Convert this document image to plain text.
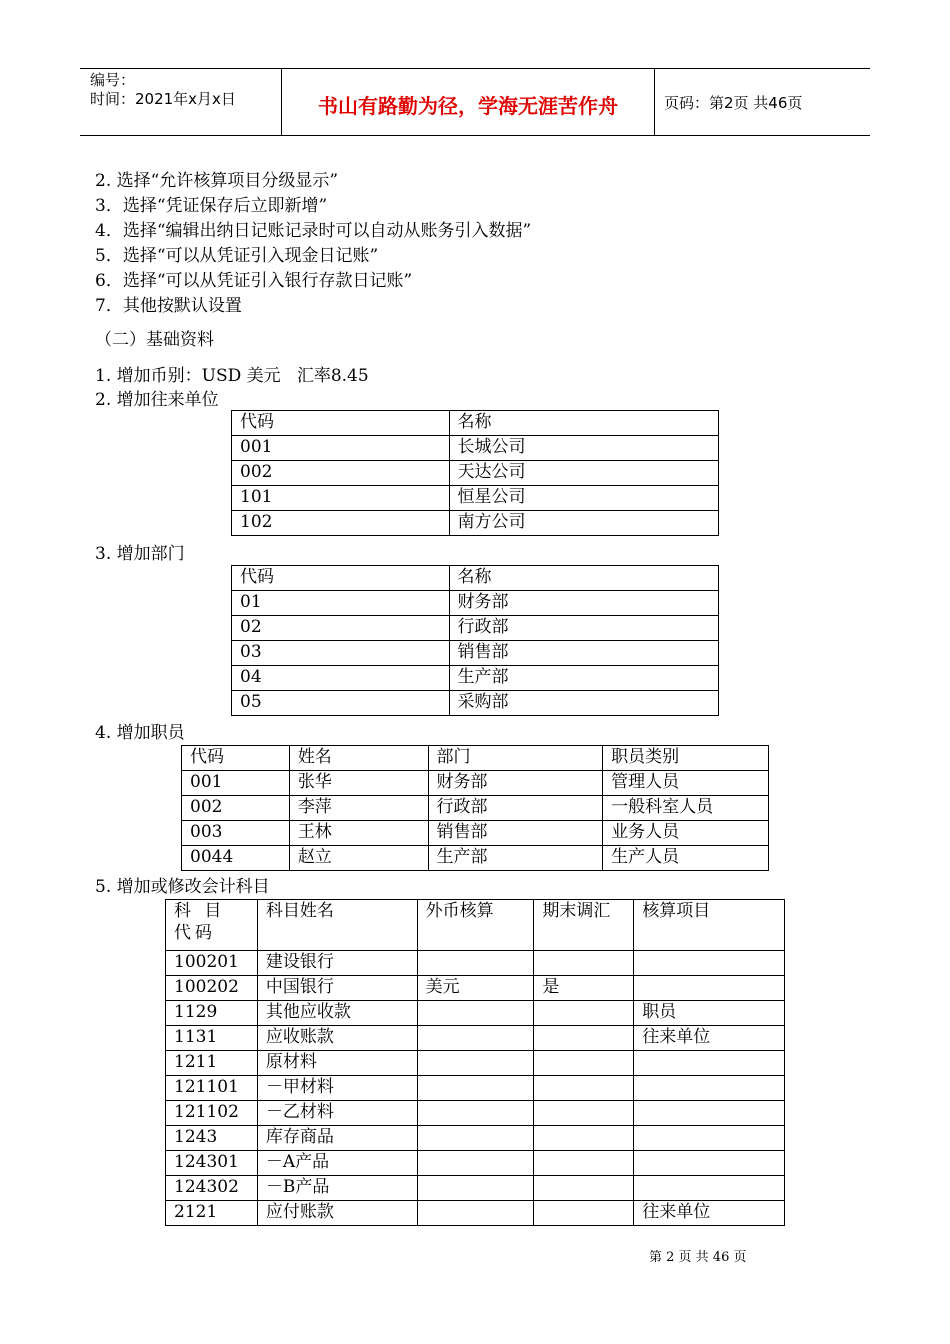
编号：
时间：2021年x月x日	书山有路勤为径，学海无涯苦作舟	页码：第2页 共46页
2. 选择“允许核算项目分级显示”
3．选择“凭证保存后立即新增”
4．选择“编辑出纳日记账记录时可以自动从账务引入数据”
5．选择“可以从凭证引入现金日记账”
6．选择“可以从凭证引入银行存款日记账”
7．其他按默认设置
（二）基础资料
1. 增加币别：USD 美元   汇率8.45
2. 增加往来单位
代码	名称
001	长城公司
002	天达公司
101	恒星公司
102	南方公司
3. 增加部门
代码	名称
01	财务部
02	行政部
03	销售部
04	生产部
05	采购部
4. 增加职员
代码	姓名	部门	职员类别
001	张华	财务部	管理人员
002	李萍	行政部	一般科室人员
003	王林	销售部	业务人员
0044	赵立	生产部	生产人员
5. 增加或修改会计科目
科 目 代码	科目姓名	外币核算	期末调汇	核算项目
100201	建设银行			
100202	中国银行	美元	是	
1129	其他应收款			职员
1131	应收账款			往来单位
1211	原材料			
121101	－甲材料			
121102	－乙材料			
1243	库存商品			
124301	－A产品			
124302	－B产品			
2121	应付账款			往来单位
第 2 页 共 46 页
